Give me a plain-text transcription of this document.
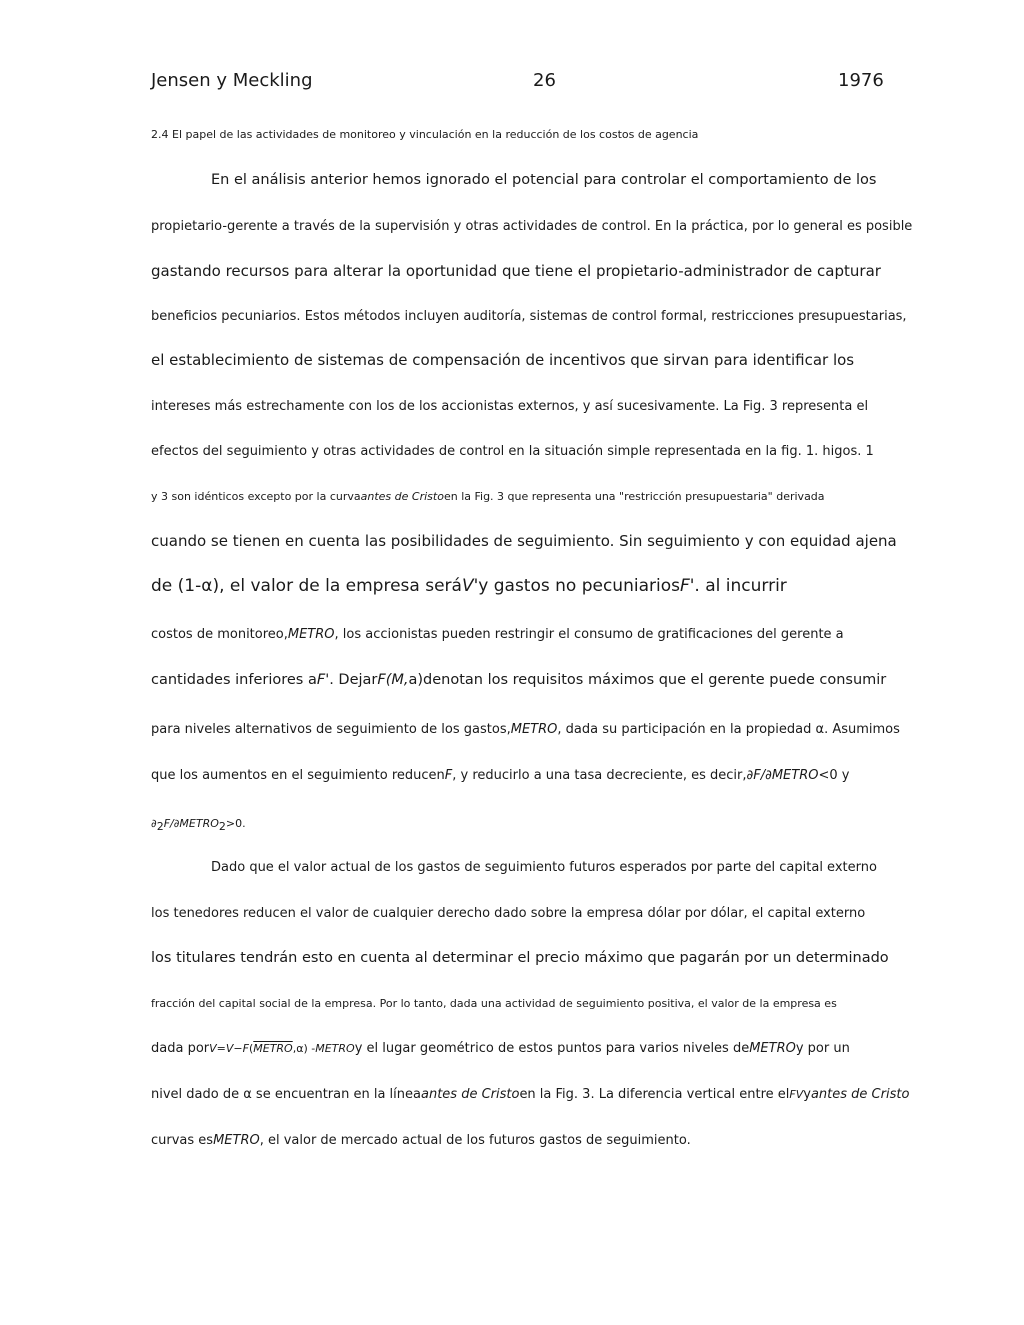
Jensen y Meckling	26	1976
2.4 El papel de las actividades de monitoreo y vinculación en la reducción de los costos de agencia
En el análisis anterior hemos ignorado el potencial para controlar el comportamiento de los
propietario-gerente a través de la supervisión y otras actividades de control. En la práctica, por lo general es posible
gastando recursos para alterar la oportunidad que tiene el propietario-administrador de capturar
beneficios pecuniarios. Estos métodos incluyen auditoría, sistemas de control formal, restricciones presupuestarias,
el establecimiento de sistemas de compensación de incentivos que sirvan para identificar los
intereses más estrechamente con los de los accionistas externos, y así sucesivamente. La Fig. 3 representa el
efectos del seguimiento y otras actividades de control en la situación simple representada en la fig. 1. higos. 1
y 3 son idénticos excepto por la curvaantes de Cristoen la Fig. 3 que representa una "restricción presupuestaria" derivada
cuando se tienen en cuenta las posibilidades de seguimiento. Sin seguimiento y con equidad ajena
de (1-α), el valor de la empresa seráV'y gastos no pecuniariosF'. al incurrir
costos de monitoreo,METRO, los accionistas pueden restringir el consumo de gratificaciones del gerente a
cantidades inferiores aF'. DejarF(M,a)denotan los requisitos máximos que el gerente puede consumir
para niveles alternativos de seguimiento de los gastos,METRO, dada su participación en la propiedad α. Asumimos
que los aumentos en el seguimiento reducenF, y reducirlo a una tasa decreciente, es decir,∂F/∂METRO<0 y
$\partial_2F/\partial METRO_2>0$.
Dado que el valor actual de los gastos de seguimiento futuros esperados por parte del capital externo
los tenedores reducen el valor de cualquier derecho dado sobre la empresa dólar por dólar, el capital externo
los titulares tendrán esto en cuenta al determinar el precio máximo que pagarán por un determinado
fracción del capital social de la empresa. Por lo tanto, dada una actividad de seguimiento positiva, el valor de la empresa es
dada porV=V−F(METRO,α) -METROy el lugar geométrico de estos puntos para varios niveles deMETROy por un
nivel dado de α se encuentran en la líneaantes de Cristoen la Fig. 3. La diferencia vertical entre elFVyantes de Cristo
curvas esMETRO, el valor de mercado actual de los futuros gastos de seguimiento.
